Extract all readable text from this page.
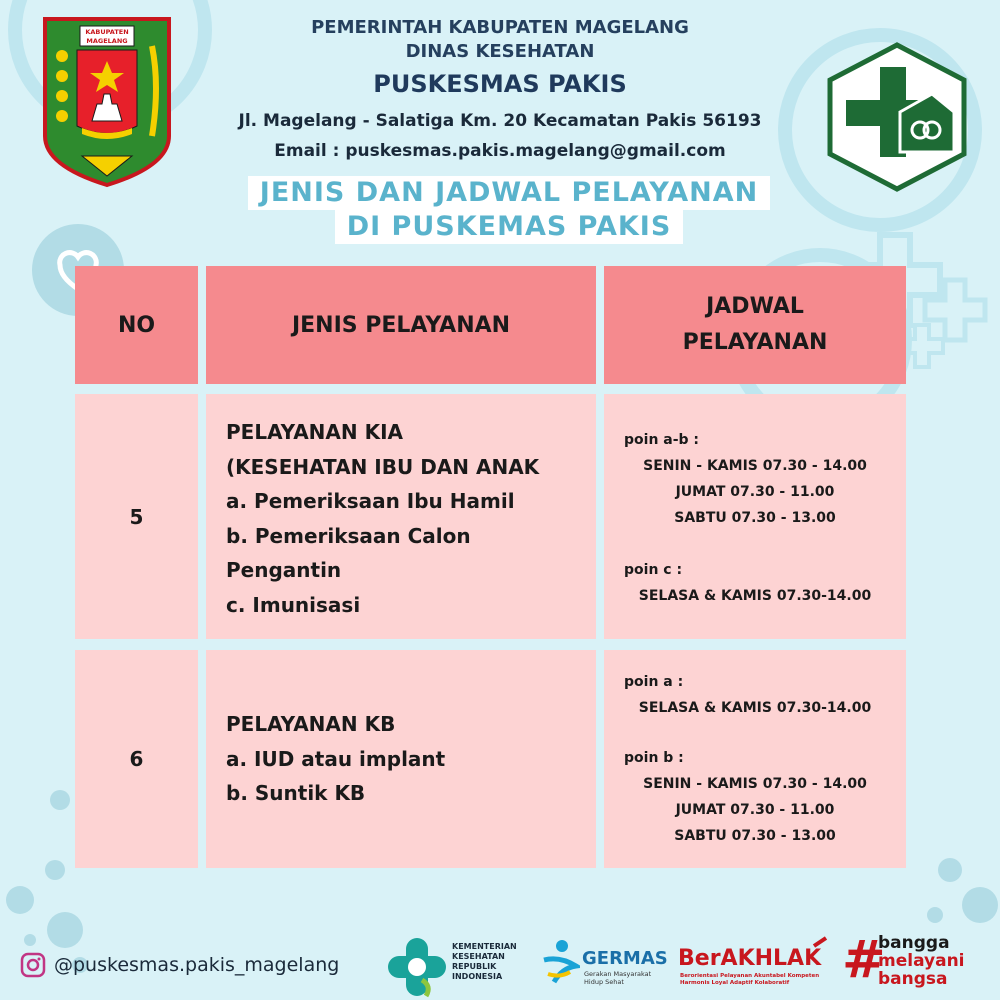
KABUPATEN
MAGELANG
PEMERINTAH KABUPATEN MAGELANG
DINAS KESEHATAN
PUSKESMAS PAKIS
Jl. Magelang - Salatiga Km. 20 Kecamatan Pakis 56193
Email : puskesmas.pakis.magelang@gmail.com
JENIS DAN JADWAL PELAYANAN
DI PUSKEMAS PAKIS
NO	JENIS PELAYANAN
JADWAL
PELAYANAN
5
PELAYANAN KIA
(KESEHATAN IBU DAN ANAK
a. Pemeriksaan Ibu Hamil
b. Pemeriksaan Calon
Pengantin
c. Imunisasi
poin a-b :
SENIN - KAMIS 07.30 - 14.00
JUMAT 07.30 - 11.00
SABTU 07.30 - 13.00
poin c :
SELASA & KAMIS 07.30-14.00
6
PELAYANAN KB
a. IUD atau implant
b. Suntik KB
poin a :
SELASA & KAMIS 07.30-14.00
poin b :
SENIN - KAMIS 07.30 - 14.00
JUMAT 07.30 - 11.00
SABTU 07.30 - 13.00
@puskesmas.pakis_magelang
KEMENTERIAN
KESEHATAN
REPUBLIK
INDONESIA
GERMAS
Gerakan Masyarakat
Hidup Sehat
BerAKHLAK
Berorientasi Pelayanan Akuntabel Kompeten
Harmonis Loyal Adaptif Kolaboratif	#
bangga
melayani
bangsa
